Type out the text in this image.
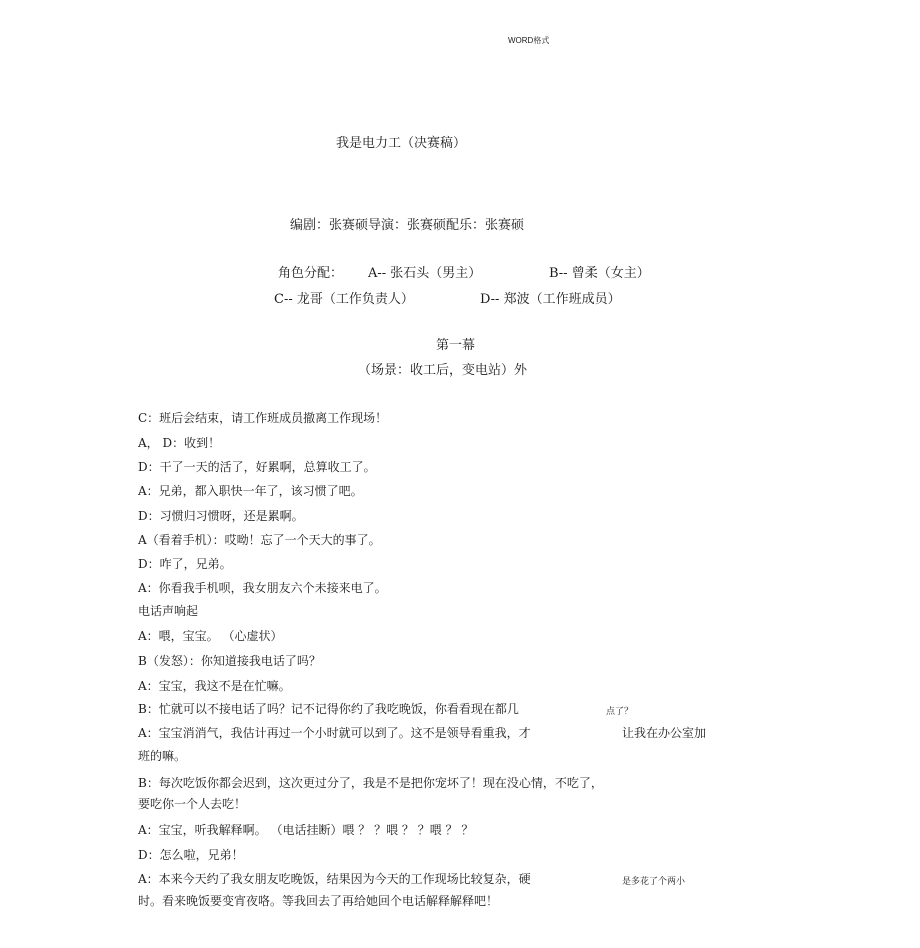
WORD格式
我是电力工（决赛稿）
编剧：张赛硕导演：张赛硕配乐：张赛硕
角色分配： A-- 张石头（男主）	B-- 曾柔（女主）
C-- 龙哥（工作负责人）	D-- 郑波（工作班成员）
第一幕
（场景：收工后，变电站）外
C：班后会结束，请工作班成员撤离工作现场！
A， D：收到！
D：干了一天的活了，好累啊，总算收工了。
A：兄弟，都入职快一年了，该习惯了吧。
D：习惯归习惯呀，还是累啊。
A（看着手机）：哎呦！忘了一个天大的事了。
D：咋了，兄弟。
A：你看我手机呗，我女朋友六个未接来电了。
电话声响起
A：喂，宝宝。 （心虚状）
B（发怒）：你知道接我电话了吗？
A：宝宝，我这不是在忙嘛。
B：忙就可以不接电话了吗？记不记得你约了我吃晚饭，你看看现在都几	点了？
A：宝宝消消气，我估计再过一个小时就可以到了。这不是领导看重我，才	让我在办公室加
班的嘛。
B：每次吃饭你都会迟到，这次更过分了，我是不是把你宠坏了！现在没心情，不吃了，
要吃你一个人去吃！
A：宝宝，听我解释啊。 （电话挂断）喂 ？ ？喂 ？ ？喂 ？ ？
D：怎么啦，兄弟！
A：本来今天约了我女朋友吃晚饭，结果因为今天的工作现场比较复杂，硬	是多花了个两小
时。看来晚饭要变宵夜咯。等我回去了再给她回个电话解释解释吧！
